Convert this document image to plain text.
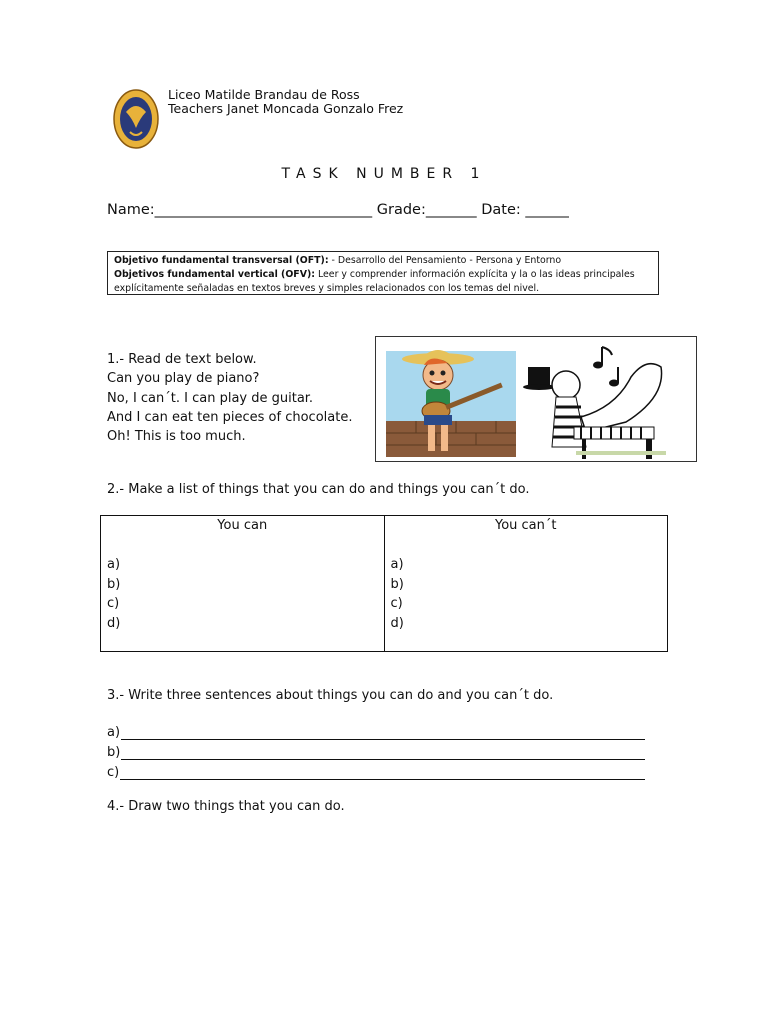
Liceo Matilde Brandau de Ross
Teachers Janet Moncada Gonzalo Frez
TASK NUMBER 1
Name:______________________________ Grade:_______ Date: ______
Objetivo fundamental transversal (OFT): - Desarrollo del Pensamiento - Persona y Entorno
Objetivos fundamental vertical (OFV): Leer y comprender información explícita y la o las ideas principales explícitamente señaladas en textos breves y simples relacionados con los temas del nivel.
1.- Read de text below.
Can you play de piano?
No, I can´t. I can play de guitar.
And I can eat ten pieces of chocolate.
Oh! This is too much.
2.- Make a list of things that you can do and things you can´t do.
You can
a)
b)
c)
d)

You can´t
a)
b)
c)
d)
3.- Write three sentences about things you can do and you can´t do.
a)
b)
c)
4.- Draw two things that you can do.
